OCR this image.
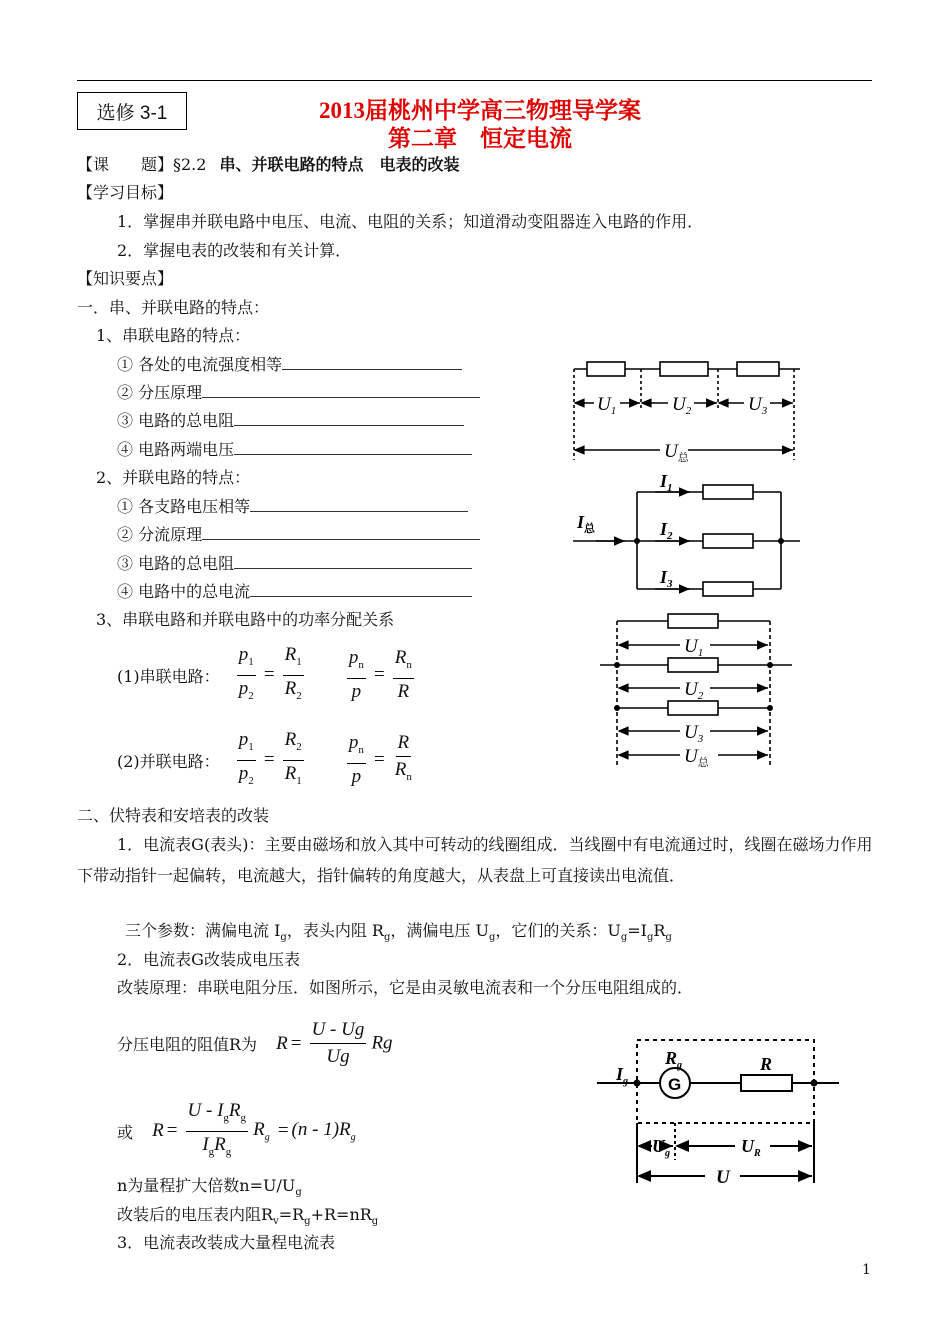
选修 3-1	2013届桃州中学高三物理导学案
第二章　恒定电流
【课　　题】§2.2 串、并联电路的特点　电表的改装
【学习目标】
1．掌握串并联电路中电压、电流、电阻的关系；知道滑动变阻器连入电路的作用．
2．掌握电表的改装和有关计算．
【知识要点】
一．串、并联电路的特点：
1、串联电路的特点：
① 各处的电流强度相等
② 分压原理
③ 电路的总电阻
④ 电路两端电压
2、并联电路的特点：
① 各支路电压相等
② 分流原理
③ 电路的总电阻
④ 电路中的总电流
3、串联电路和并联电路中的功率分配关系
(1)串联电路： $\frac{p_1}{p_2} = \frac{R_1}{R_2}$
$\frac{p_n}{p} = \frac{R_n}{R}$
(2)并联电路： $\frac{p_1}{p_2} = \frac{R_2}{R_1}$
$\frac{p_n}{p} = \frac{R}{R_n}$
二、伏特表和安培表的改装
1．电流表G(表头)：主要由磁场和放入其中可转动的线圈组成．当线圈中有电流通过时，线圈在磁场力作用下带动指针一起偏转，电流越大，指针偏转的角度越大，从表盘上可直接读出电流值．
三个参数：满偏电流 $I_g$，表头内阻 $R_g$，满偏电压 $U_g$，它们的关系：$U_g=I_gR_g$
2．电流表G改装成电压表
改装原理：串联电阻分压．如图所示，它是由灵敏电流表和一个分压电阻组成的．
分压电阻的阻值R为 $R = \frac{U - Ug}{Ug}$ Rg
或 $R = \frac{U - I_gR_g}{I_gR_g} R_g = (n - 1)R_g$
n为量程扩大倍数$n=U/U_g$
改装后的电压表内阻$R_v=R_g+R=nR_g$
3．电流表改装成大量程电流表
$U_1$	$U_2$	$U_3$
$U_总$
$I_总$
$I_1$
$I_2$
$I_3$
$U_1$
$U_2$
$U_3$
$U_总$
$I_g$
$R_g$
G
R
$U_g$	$U_R$
U
1
